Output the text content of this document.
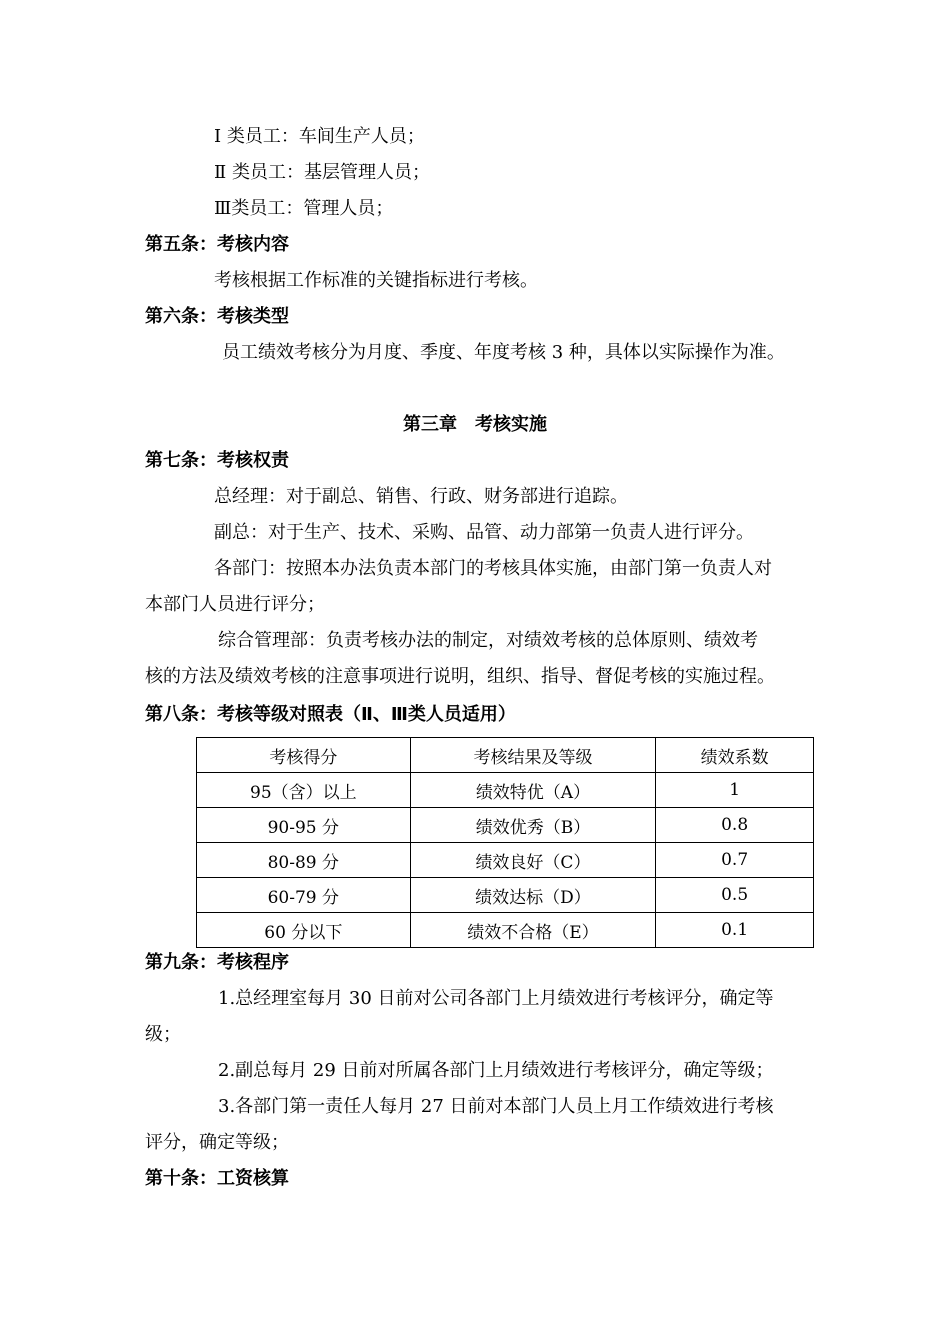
Ⅰ 类员工：车间生产人员；
Ⅱ 类员工：基层管理人员；
Ⅲ类员工：管理人员；
第五条：考核内容
考核根据工作标准的关键指标进行考核。
第六条：考核类型
员工绩效考核分为月度、季度、年度考核 3 种，具体以实际操作为准。
第三章　考核实施
第七条：考核权责
总经理：对于副总、销售、行政、财务部进行追踪。
副总：对于生产、技术、采购、品管、动力部第一负责人进行评分。
各部门：按照本办法负责本部门的考核具体实施，由部门第一负责人对
本部门人员进行评分；
综合管理部：负责考核办法的制定，对绩效考核的总体原则、绩效考
核的方法及绩效考核的注意事项进行说明，组织、指导、督促考核的实施过程。
第八条：考核等级对照表（Ⅱ、Ⅲ类人员适用）
考核得分	考核结果及等级	绩效系数
95（含）以上	绩效特优（A）	1
90-95 分	绩效优秀（B）	0.8
80-89 分	绩效良好（C）	0.7
60-79 分	绩效达标（D）	0.5
60 分以下	绩效不合格（E）	0.1
第九条：考核程序
1.总经理室每月 30 日前对公司各部门上月绩效进行考核评分，确定等
级；
2.副总每月 29 日前对所属各部门上月绩效进行考核评分，确定等级；
3.各部门第一责任人每月 27 日前对本部门人员上月工作绩效进行考核
评分，确定等级；
第十条：工资核算
